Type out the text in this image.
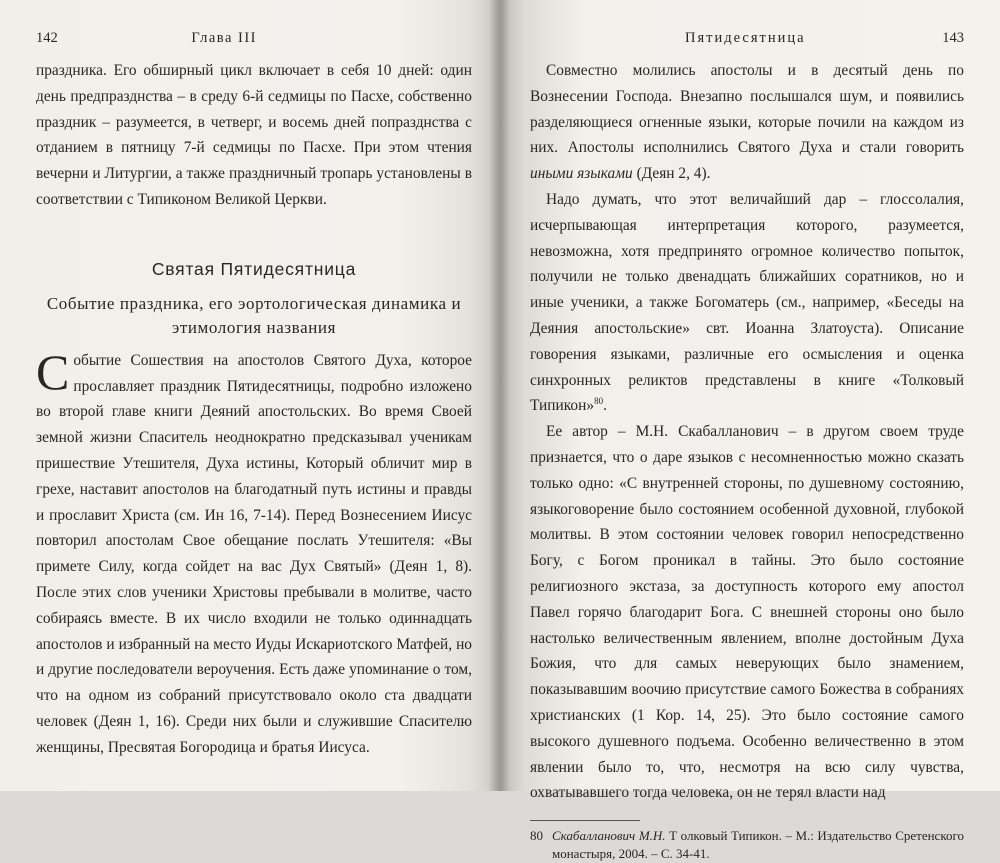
142	Глава III

праздника. Его обширный цикл включает в себя 10 дней: один день предпразднства – в среду 6-й седмицы по Пасхе, собственно праздник – разумеется, в четверг, и восемь дней попразднства с отданием в пятницу 7-й седмицы по Пасхе. При этом чтения вечерни и Литургии, а также праздничный тропарь установлены в соответствии с Типиконом Великой Церкви.

Святая Пятидесятница
Событие праздника, его эортологическая динамика и этимология названия

Событие Сошествия на апостолов Святого Духа, которое прославляет праздник Пятидесятницы, подробно изложено во второй главе книги Деяний апостольских. Во время Своей земной жизни Спаситель неоднократно предсказывал ученикам пришествие Утешителя, Духа истины, Который обличит мир в грехе, наставит апостолов на благодатный путь истины и правды и прославит Христа (см. Ин 16, 7-14). Перед Вознесением Иисус повторил апостолам Свое обещание послать Утешителя: «Вы примете Силу, когда сойдет на вас Дух Святый» (Деян 1, 8). После этих слов ученики Христовы пребывали в молитве, часто собираясь вместе. В их число входили не только одиннадцать апостолов и избранный на место Иуды Искариотского Матфей, но и другие последователи вероучения. Есть даже упоминание о том, что на одном из собраний присутствовало около ста двадцати человек (Деян 1, 16). Среди них были и служившие Спасителю женщины, Пресвятая Богородица и братья Иисуса.

Пятидесятница	143

Совместно молились апостолы и в десятый день по Вознесении Господа. Внезапно послышался шум, и появились разделяющиеся огненные языки, которые почили на каждом из них. Апостолы исполнились Святого Духа и стали говорить иными языками (Деян 2, 4).

Надо думать, что этот величайший дар – глоссолалия, исчерпывающая интерпретация которого, разумеется, невозможна, хотя предпринято огромное количество попыток, получили не только двенадцать ближайших соратников, но и иные ученики, а также Богоматерь (см., например, «Беседы на Деяния апостольские» свт. Иоанна Златоуста). Описание говорения языками, различные его осмысления и оценка синхронных реликтов представлены в книге «Толковый Типикон»$^{80}$.

Ее автор – М.Н. Скабалланович – в другом своем труде признается, что о даре языков с несомненностью можно сказать только одно: «С внутренней стороны, по душевному состоянию, языкоговорение было состоянием особенной духовной, глубокой молитвы. В этом состоянии человек говорил непосредственно Богу, с Богом проникал в тайны. Это было состояние религиозного экстаза, за доступность которого ему апостол Павел горячо благодарит Бога. С внешней стороны оно было настолько величественным явлением, вполне достойным Духа Божия, что для самых неверующих было знамением, показывавшим воочию присутствие самого Божества в собраниях христианских (1 Кор. 14, 25). Это было состояние самого высокого душевного подъема. Особенно величественно в этом явлении было то, что, несмотря на всю силу чувства, охватывавшего тогда человека, он не терял власти над

80 Скабалланович М.Н. Т олковый Типикон. – М.: Издательство Сретенского монастыря, 2004. – С. 34-41.
